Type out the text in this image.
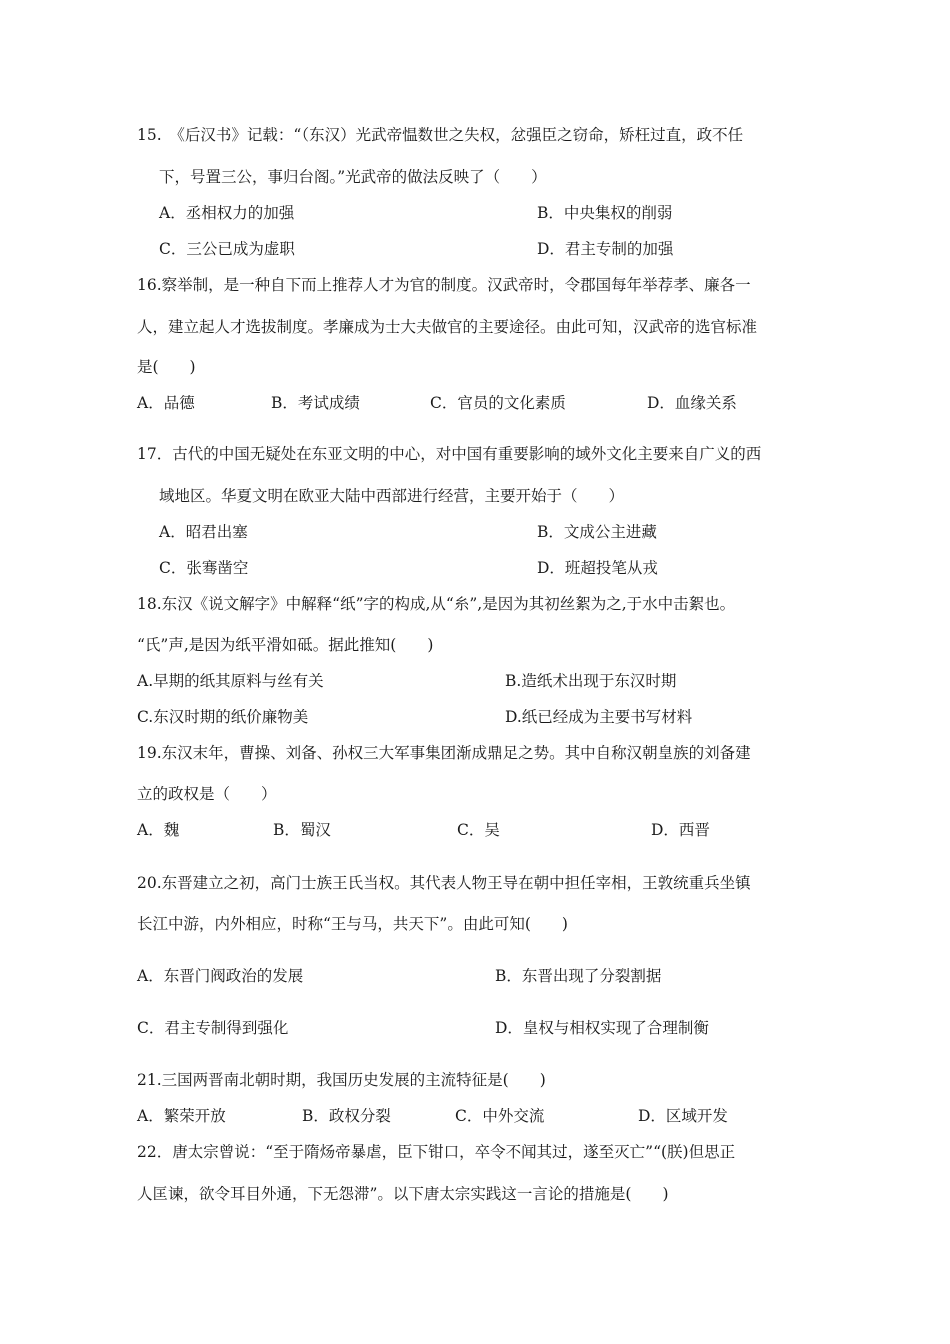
15.　《后汉书》记载：“（东汉）光武帝愠数世之失权，忿强臣之窃命，矫枉过直，政不任
下，号置三公，事归台阁。”光武帝的做法反映了（　　）
A．丞相权力的加强	B．中央集权的削弱
C．三公已成为虚职	D．君主专制的加强
16.察举制，是一种自下而上推荐人才为官的制度。汉武帝时，令郡国每年举荐孝、廉各一
人，建立起人才选拔制度。孝廉成为士大夫做官的主要途径。由此可知，汉武帝的选官标准
是(　　)
A．品德	B．考试成绩	C．官员的文化素质	D．血缘关系
17．古代的中国无疑处在东亚文明的中心，对中国有重要影响的域外文化主要来自广义的西
域地区。华夏文明在欧亚大陆中西部进行经营，主要开始于（　　）
A．昭君出塞	B．文成公主进藏
C．张骞凿空	D．班超投笔从戎
18.东汉《说文解字》中解释“纸”字的构成,从“糸”,是因为其初丝絮为之,于水中击絮也。
“氏”声,是因为纸平滑如砥。据此推知(　　)
A.早期的纸其原料与丝有关	B.造纸术出现于东汉时期
C.东汉时期的纸价廉物美	D.纸已经成为主要书写材料
19.东汉末年，曹操、刘备、孙权三大军事集团渐成鼎足之势。其中自称汉朝皇族的刘备建
立的政权是（　　）
A．魏	B．蜀汉	C．吴	D．西晋
20.东晋建立之初，高门士族王氏当权。其代表人物王导在朝中担任宰相，王敦统重兵坐镇
长江中游，内外相应，时称“王与马，共天下”。由此可知(　　)
A．东晋门阀政治的发展	B．东晋出现了分裂割据
C．君主专制得到强化	D．皇权与相权实现了合理制衡
21.三国两晋南北朝时期，我国历史发展的主流特征是(　　)
A．繁荣开放	B．政权分裂	C．中外交流	D．区域开发
22．唐太宗曾说：“至于隋炀帝暴虐，臣下钳口，卒令不闻其过，遂至灭亡”“(朕)但思正
人匡谏，欲令耳目外通，下无怨滞”。以下唐太宗实践这一言论的措施是(　　)
